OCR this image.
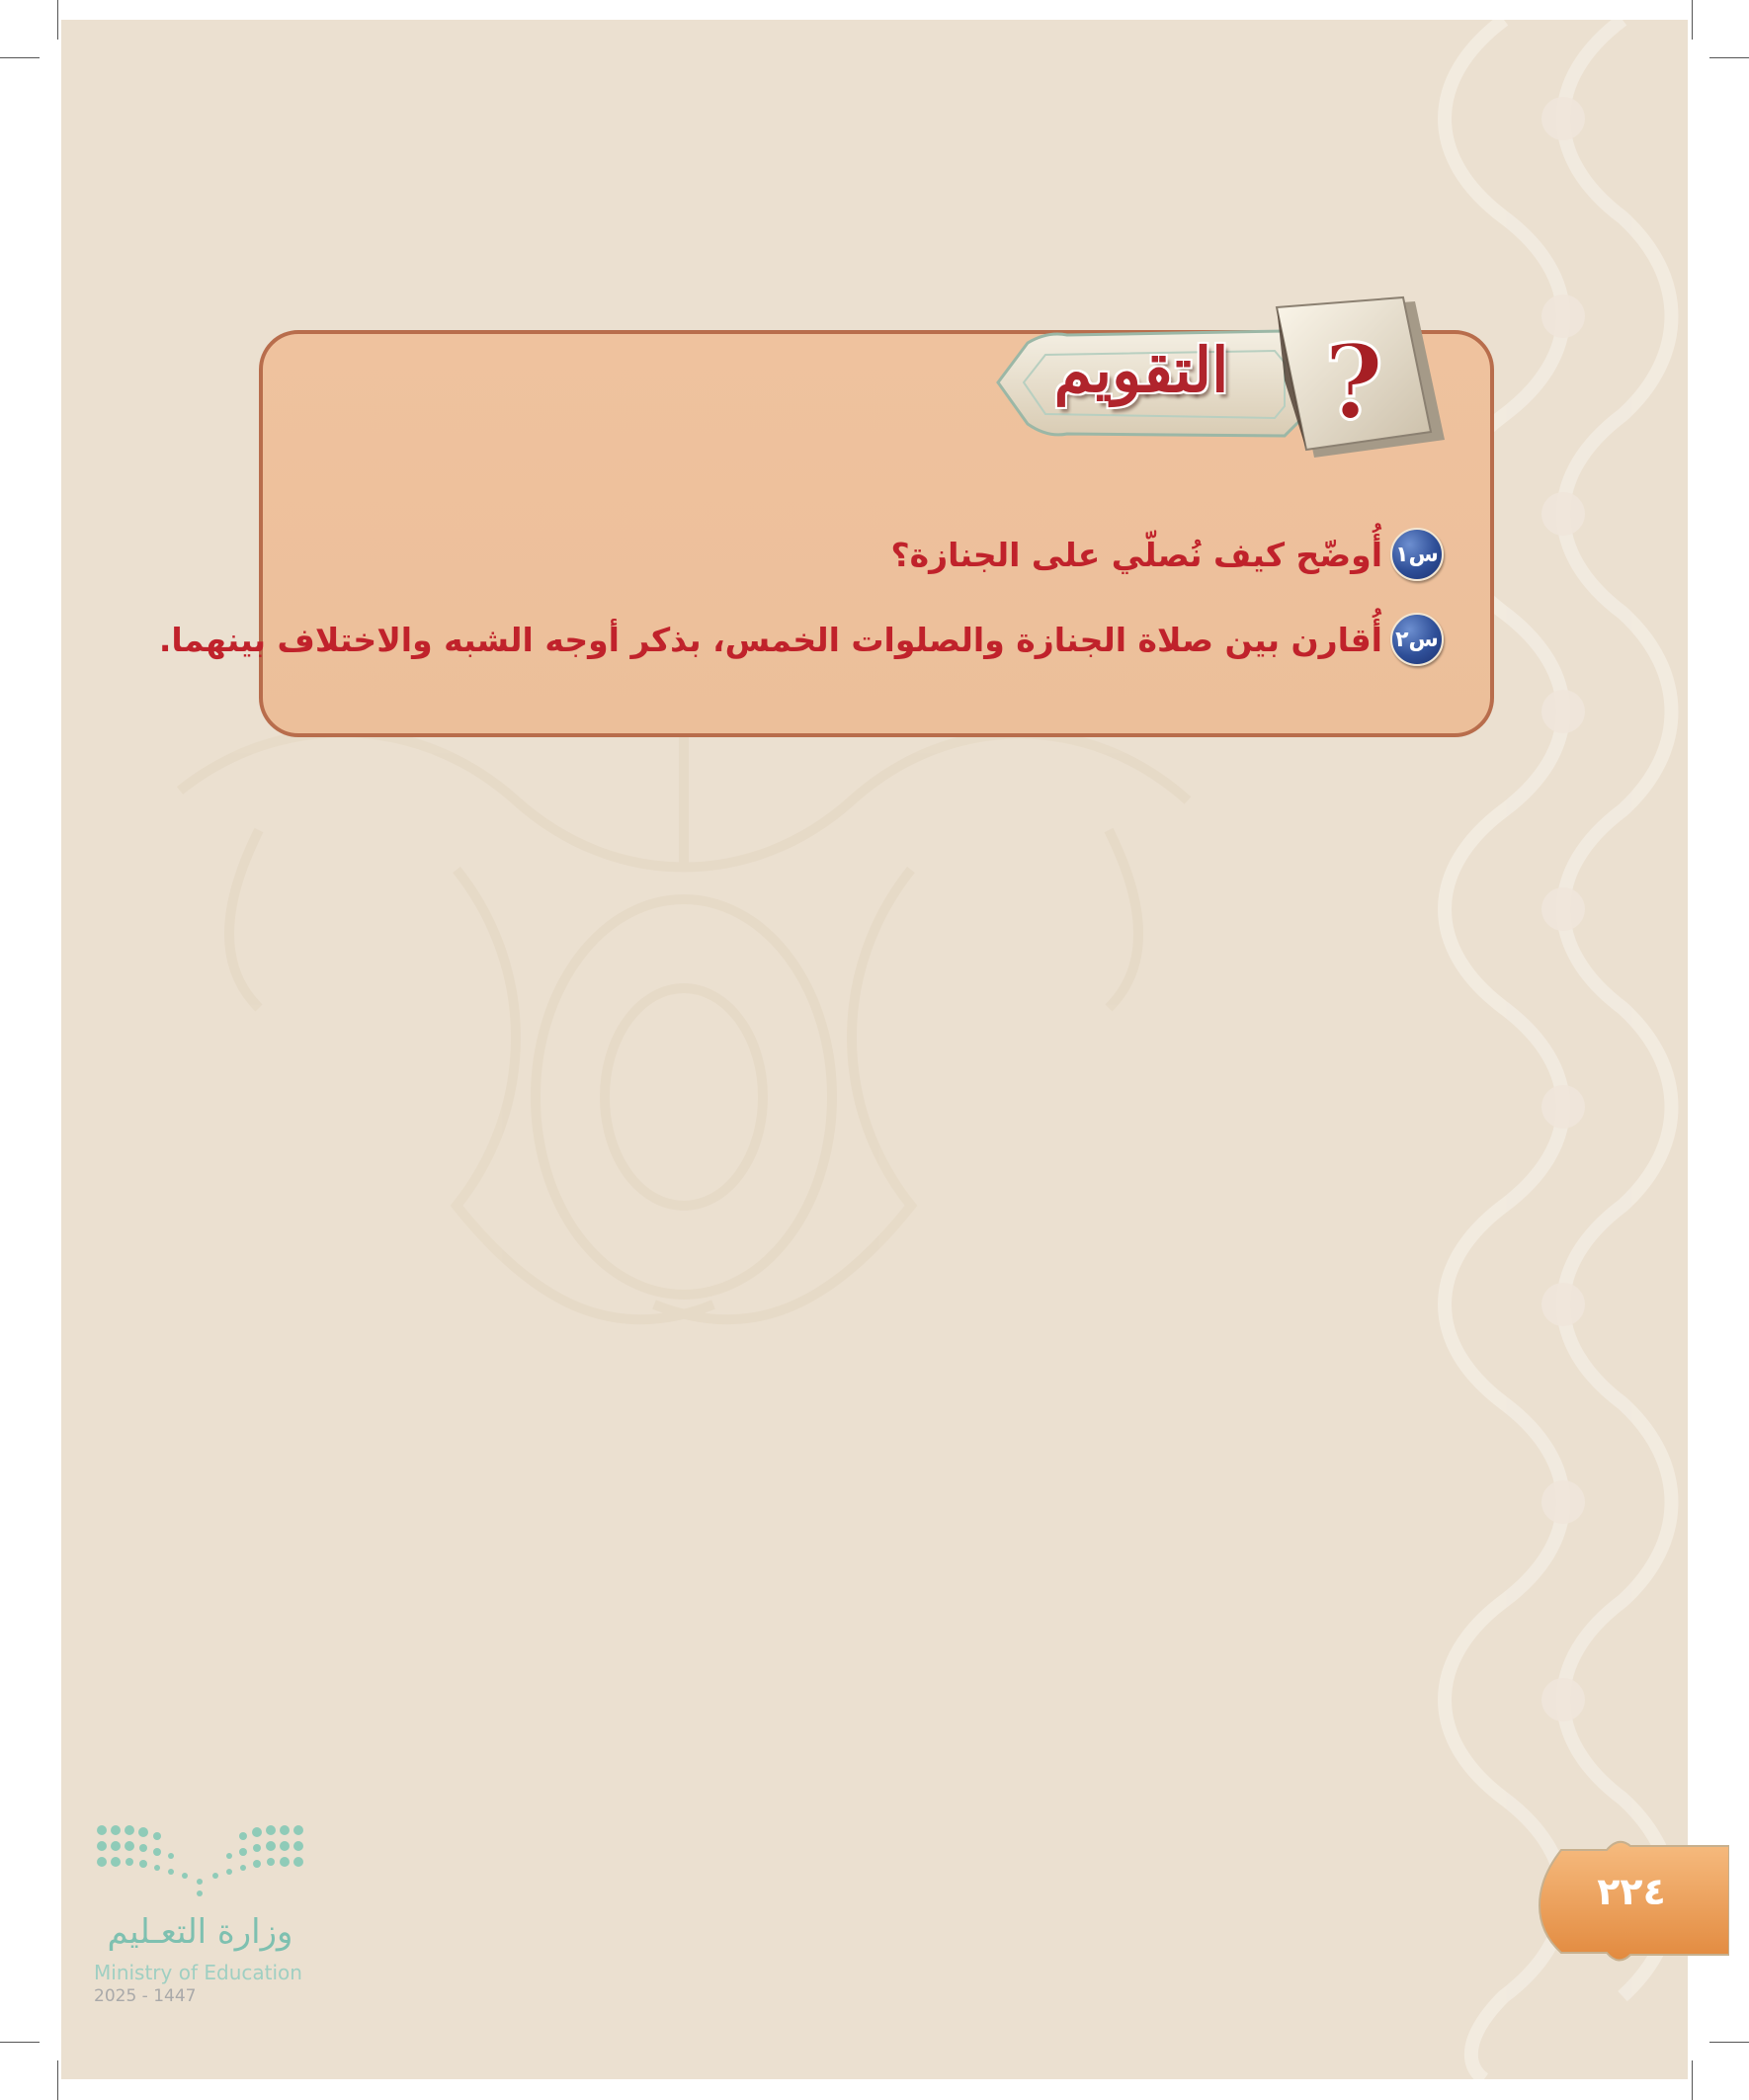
?
التقويم
س١
أُوضّح كيف نُصلّي على الجنازة؟
س٢
أُقارن بين صلاة الجنازة والصلوات الخمس، بذكر أوجه الشبه والاختلاف بينهما.
٢٢٤
وزارة التعـليم
Ministry of Education
2025 - 1447
